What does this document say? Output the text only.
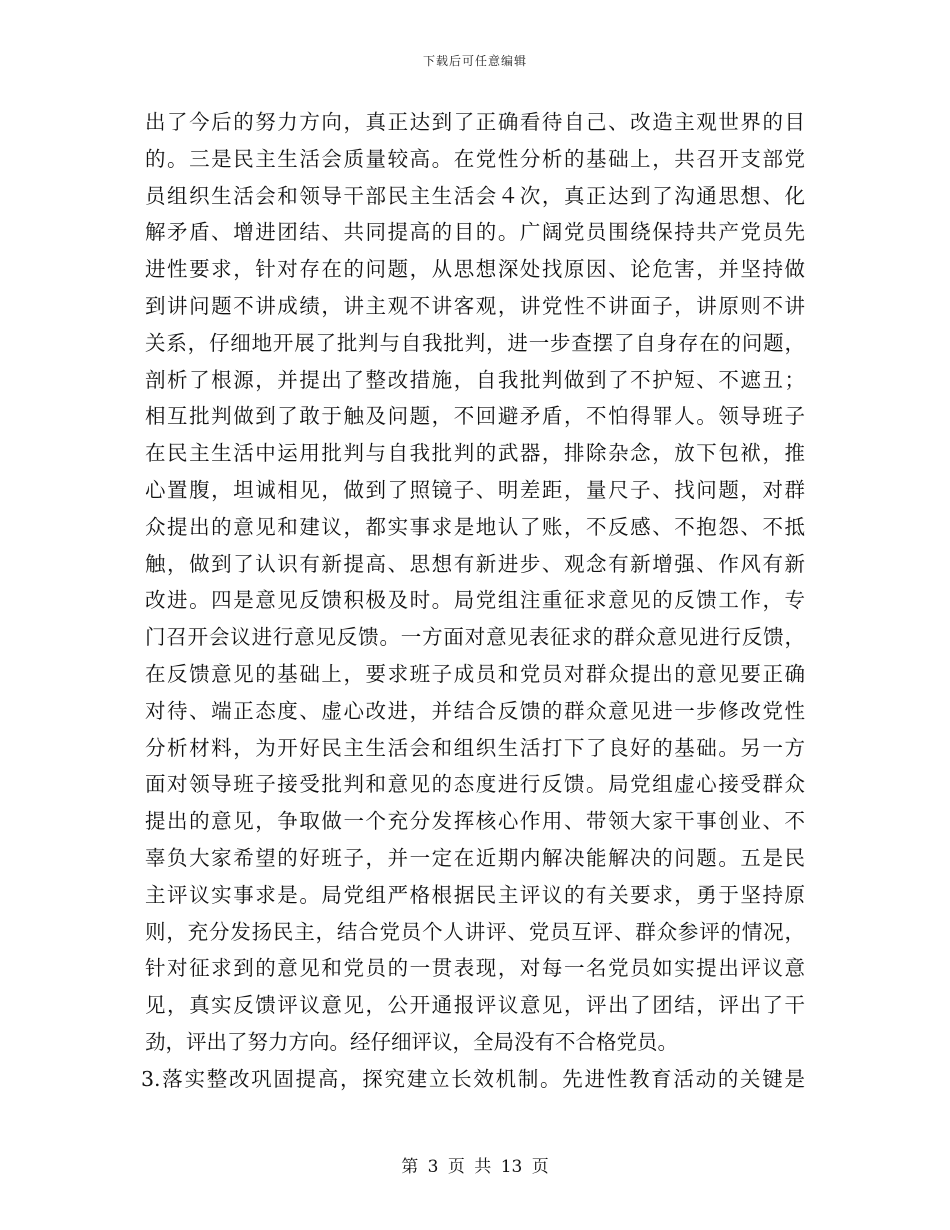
下载后可任意编辑
出了今后的努力方向，真正达到了正确看待自己、改造主观世界的目
的。三是民主生活会质量较高。在党性分析的基础上，共召开支部党
员组织生活会和领导干部民主生活会４次，真正达到了沟通思想、化
解矛盾、增进团结、共同提高的目的。广阔党员围绕保持共产党员先
进性要求，针对存在的问题，从思想深处找原因、论危害，并坚持做
到讲问题不讲成绩，讲主观不讲客观，讲党性不讲面子，讲原则不讲
关系，仔细地开展了批判与自我批判，进一步查摆了自身存在的问题，
剖析了根源，并提出了整改措施，自我批判做到了不护短、不遮丑；
相互批判做到了敢于触及问题，不回避矛盾，不怕得罪人。领导班子
在民主生活中运用批判与自我批判的武器，排除杂念，放下包袱，推
心置腹，坦诚相见，做到了照镜子、明差距，量尺子、找问题，对群
众提出的意见和建议，都实事求是地认了账，不反感、不抱怨、不抵
触，做到了认识有新提高、思想有新进步、观念有新增强、作风有新
改进。四是意见反馈积极及时。局党组注重征求意见的反馈工作，专
门召开会议进行意见反馈。一方面对意见表征求的群众意见进行反馈，
在反馈意见的基础上，要求班子成员和党员对群众提出的意见要正确
对待、端正态度、虚心改进，并结合反馈的群众意见进一步修改党性
分析材料，为开好民主生活会和组织生活打下了良好的基础。另一方
面对领导班子接受批判和意见的态度进行反馈。局党组虚心接受群众
提出的意见，争取做一个充分发挥核心作用、带领大家干事创业、不
辜负大家希望的好班子，并一定在近期内解决能解决的问题。五是民
主评议实事求是。局党组严格根据民主评议的有关要求，勇于坚持原
则，充分发扬民主，结合党员个人讲评、党员互评、群众参评的情况，
针对征求到的意见和党员的一贯表现，对每一名党员如实提出评议意
见，真实反馈评议意见，公开通报评议意见，评出了团结，评出了干
劲，评出了努力方向。经仔细评议，全局没有不合格党员。
3.落实整改巩固提高，探究建立长效机制。先进性教育活动的关键是
第 3 页 共 13 页
